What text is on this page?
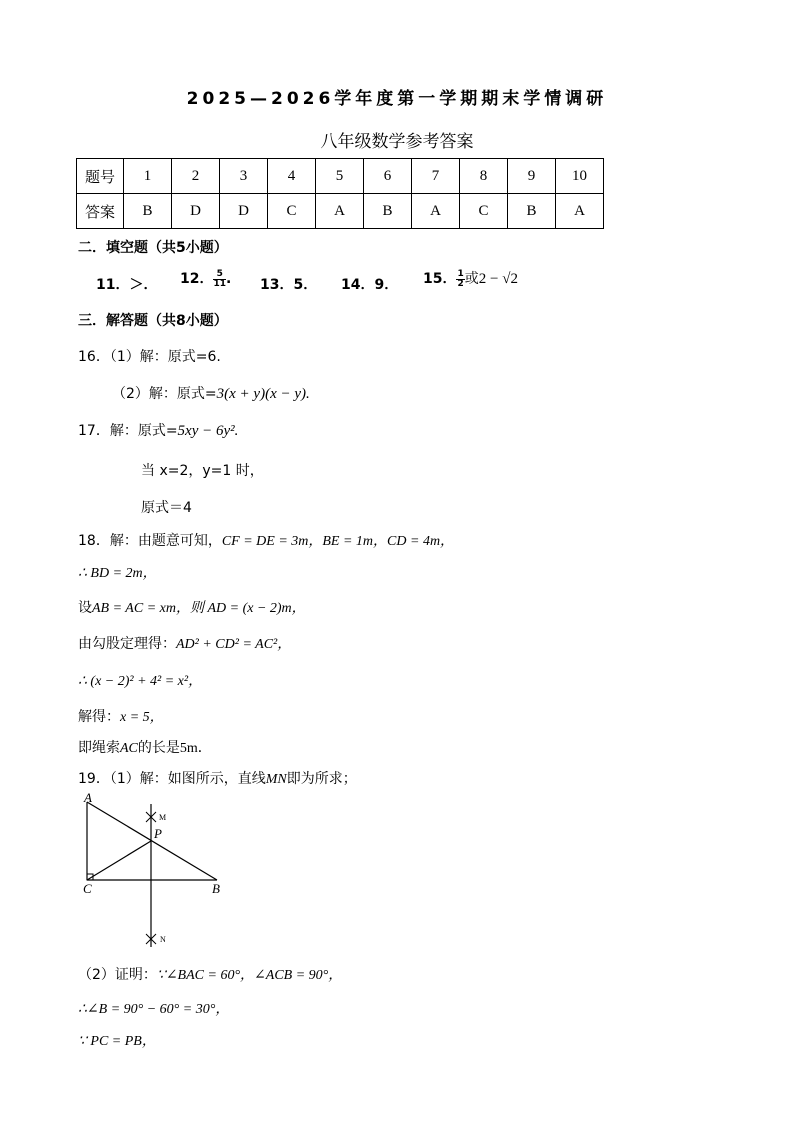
2025—2026学年度第一学期期末学情调研
八年级数学参考答案
题号	1	2	3	4	5	6	7	8	9	10
答案	B	D	D	C	A	B	A	C	B	A
二．填空题（共5小题）
11．＞． 12． $\frac{5}{11}$ . 13．5． 14．9． 15． $\frac{1}{2}$ 或2 − √2
三．解答题（共8小题）
16．（1）解：原式=6.
（2）解：原式=3(x + y)(x − y).
17．解：原式=5xy − 6y².
当 x=2，y=1 时，
原式＝4
18．解：由题意可知，CF = DE = 3m，BE = 1m，CD = 4m，
∴ BD = 2m，
设AB = AC = xm，则 AD = (x − 2)m，
由勾股定理得：AD² + CD² = AC²，
∴ (x − 2)² + 4² = x²，
解得：x = 5，
即绳索AC的长是5m．
19．（1）解：如图所示，直线MN即为所求；
A
C	B
P
M
N
（2）证明：∵∠BAC = 60°，∠ACB = 90°，
∴∠B = 90° − 60° = 30°，
∵ PC = PB，
